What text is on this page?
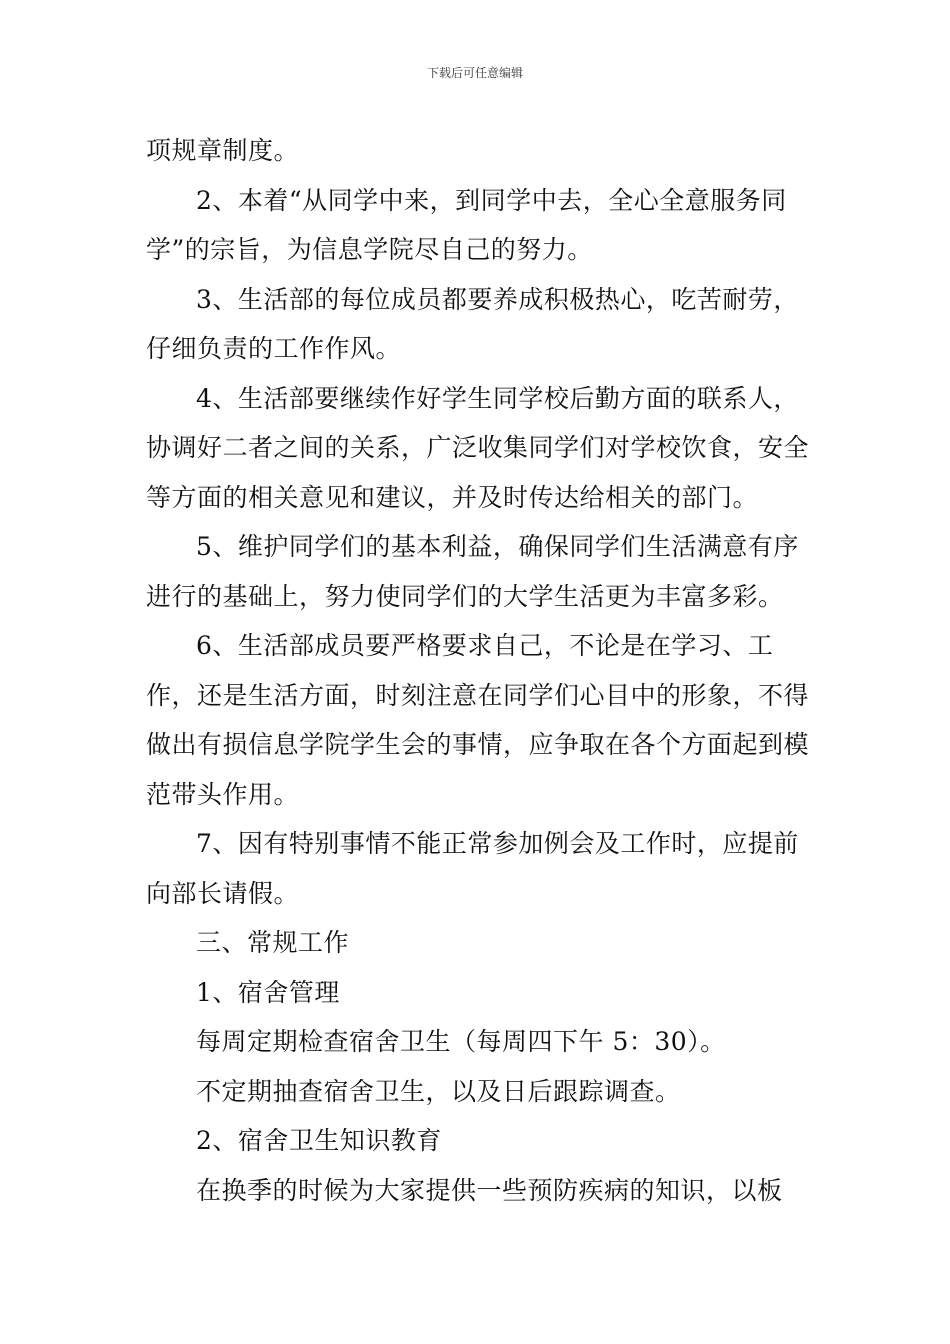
下载后可任意编辑

项规章制度。

2、本着“从同学中来，到同学中去，全心全意服务同学”的宗旨，为信息学院尽自己的努力。

3、生活部的每位成员都要养成积极热心，吃苦耐劳，仔细负责的工作作风。

4、生活部要继续作好学生同学校后勤方面的联系人，协调好二者之间的关系，广泛收集同学们对学校饮食，安全等方面的相关意见和建议，并及时传达给相关的部门。

5、维护同学们的基本利益，确保同学们生活满意有序进行的基础上，努力使同学们的大学生活更为丰富多彩。

6、生活部成员要严格要求自己，不论是在学习、工作，还是生活方面，时刻注意在同学们心目中的形象，不得做出有损信息学院学生会的事情，应争取在各个方面起到模范带头作用。

7、因有特别事情不能正常参加例会及工作时，应提前向部长请假。

三、常规工作

1、宿舍管理

每周定期检查宿舍卫生（每周四下午 5：30）。

不定期抽查宿舍卫生，以及日后跟踪调查。

2、宿舍卫生知识教育

在换季的时候为大家提供一些预防疾病的知识，以板
